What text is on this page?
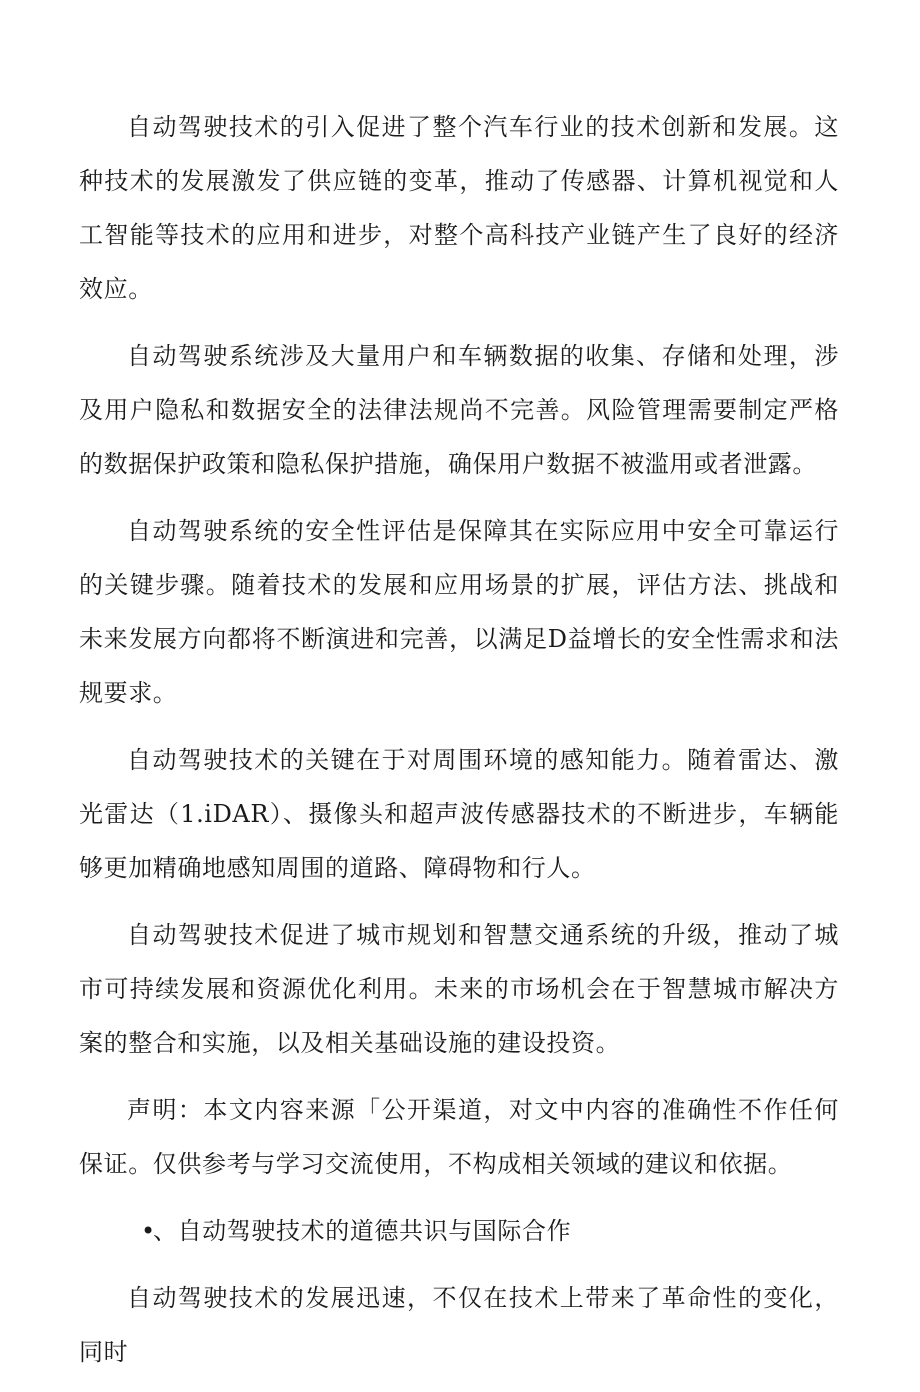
自动驾驶技术的引入促进了整个汽车行业的技术创新和发展。这种技术的发展激发了供应链的变革，推动了传感器、计算机视觉和人工智能等技术的应用和进步，对整个高科技产业链产生了良好的经济效应。

自动驾驶系统涉及大量用户和车辆数据的收集、存储和处理，涉及用户隐私和数据安全的法律法规尚不完善。风险管理需要制定严格的数据保护政策和隐私保护措施，确保用户数据不被滥用或者泄露。

自动驾驶系统的安全性评估是保障其在实际应用中安全可靠运行的关键步骤。随着技术的发展和应用场景的扩展，评估方法、挑战和未来发展方向都将不断演进和完善，以满足D益增长的安全性需求和法规要求。

自动驾驶技术的关键在于对周围环境的感知能力。随着雷达、激光雷达（1.iDAR）、摄像头和超声波传感器技术的不断进步，车辆能够更加精确地感知周围的道路、障碍物和行人。

自动驾驶技术促进了城市规划和智慧交通系统的升级，推动了城市可持续发展和资源优化利用。未来的市场机会在于智慧城市解决方案的整合和实施，以及相关基础设施的建设投资。

声明：本文内容来源「公开渠道，对文中内容的准确性不作任何保证。仅供参考与学习交流使用，不构成相关领域的建议和依据。

•
、自动驾驶技术的道德共识与国际合作

自动驾驶技术的发展迅速，不仅在技术上带来了革命性的变化，同时
